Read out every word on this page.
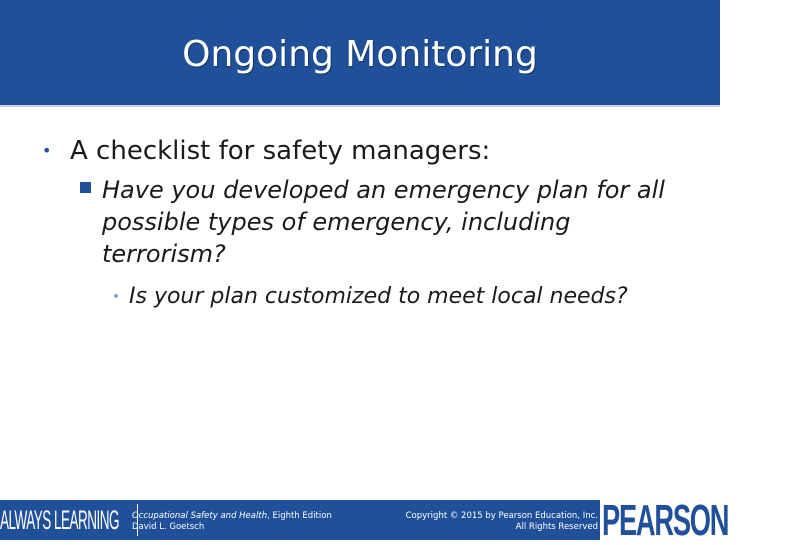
Ongoing Monitoring
• A checklist for safety managers:
Have you developed an emergency plan for all possible types of emergency, including terrorism?
• Is your plan customized to meet local needs?
ALWAYS LEARNING Occupational Safety and Health, Eighth Edition
David L. Goetsch
Copyright © 2015 by Pearson Education, Inc.
All Rights Reserved PEARSON
